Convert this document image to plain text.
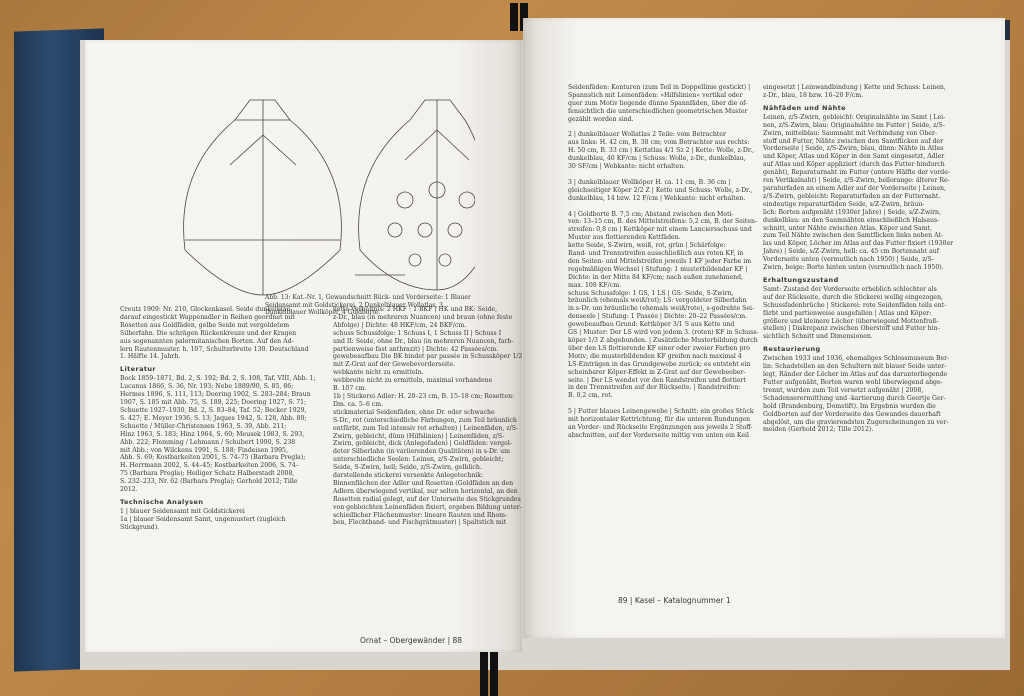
Abb. 13: Kat.-Nr. 1, Gewandschnitt Rück- und Vorderseite: 1 Blauer Seidensamt mit Goldstickerei, 2 Dunkelblauer Wollatlas, 3 Dunkelblauer Wollköper, 4 Goldborte.
Creutz 1909: Nr. 210, Glockenkasel. Seide dunkelblau,
darauf eingestickt Wappenadler in Reihen geordnet mit
Rosetten aus Goldfäden, gelbe Seide mit vergoldetem
Silberfahn. Die schrägen Rückenkreuze und der Kragen
aus sogenannten palermitanischen Borten. Auf den Ad-
lern Rautenmuster. h. 107, Schulterbreite 130. Deutschland
1. Hälfte 14. Jahrh.
Literatur
Bock 1859–1871, Bd. 2, S. 192; Bd. 2, S. 108, Taf. VIII, Abb. 1;
Lucanus 1866, S. 36, Nr. 193; Nebe 1889/90, S. 85, 86;
Hermes 1896, S. 111, 113; Doering 1902, S. 283–284; Braun
1907, S. 185 mit Abb. 75, S. 189, 225; Doering 1927, S. 71;
Schuette 1927–1930, Bd. 2, S. 83–84, Taf. 52; Becker 1929,
S. 427; E. Meyer 1936, S. 13; Jaques 1942, S. 128, Abb. 80;
Schuette / Müller-Christensen 1963, S. 39, Abb. 211;
Hinz 1963, S. 183; Hinz 1964, S. 60; Meusek 1983, S. 293,
Abb. 222; Flemming / Lehmann / Schubert 1990, S. 238
mit Abb.; von Wilckens 1991, S. 188; Findeisen 1995,
Abb. S. 69; Kostbarkeiten 2001, S. 74–75 (Barbara Pregla);
H. Herrmann 2002, S. 44–45; Kostbarkeiten 2006, S. 74–
75 (Barbara Pregla); Heiliger Schatz Halberstadt 2008,
S. 232–233, Nr. 62 (Barbara Pregla); Gerhold 2012; Tille
2012.
Technische Analysen
1 | blauer Seidensamt mit Goldstickerei
1a | blauer Seidensamt Samt, ungemustert (zugleich
Stickgrund).
kette Verhältnis: 2 HKF : 1 BKF | HK und BK: Seide,
z-Dr., blau (in mehreren Nuancen) und braun (ohne feste
Abfolge) | Dichte: 48 HKF/cm, 24 BKF/cm.
schuss Schussfolge: 1 Schuss I, 1 Schuss II | Schuss I
und II: Seide, ohne Dr., blau (in mehreren Nuancen, farb-
partienweise fast anthrazit) | Dichte: 42 Passées/cm.
gewebeaufbau Die BK bindet par passée in Schussköper 1/2
mit Z-Grat auf der Gewebevorderseite.
webkante nicht zu ermitteln.
webbreite nicht zu ermitteln, maximal vorhandene
B. 107 cm.
1b | Stickerei Adler: H. 20–23 cm, B. 15–18 cm; Rosetten:
Dm. ca. 5–6 cm.
stickmaterial Seidenfäden, ohne Dr. oder schwache
S-Dr., rot (unterschiedliche Färbungen, zum Teil bräunlich
entfärbt, zum Teil intensiv rot erhalten) | Leinenfäden, z/S-
Zwirn, gebleicht, dünn (Hilfslinien) | Leinenfäden, z/S-
Zwirn, gebleicht, dick (Anlegefaden) | Goldfäden: vergol-
deter Silberlahn (in variierenden Qualitäten) in s-Dr. um
unterschiedliche Seelen: Leinen, z/S-Zwirn, gebleicht;
Seide, S-Zwirn, hell; Seide, z/S-Zwirn, gelblich.
darstellende stickerei versenkte Anlegetechnik:
Binnenflächen der Adler und Rosetten (Goldfäden an den
Adlern überwiegend vertikal, nur selten horizontal, an den
Rosetten radial gelegt, auf der Unterseite des Stickgrundes
von gebleichten Leinenfäden fixiert, ergeben Bildung unter-
schiedlicher Flächenmuster: lineare Rauten und Rhom-
ben, Flechtband- und Fischgrätmuster) | Spaltstich mit
Ornat – Obergewänder | 88
Seidenfäden: Konturen (zum Teil in Doppellinie gestickt) |
Spannstich mit Leinenfäden: »Hilfslinien« vertikal oder
quer zum Motiv liegende dünne Spannfäden, über die of-
fensichtlich die unterschiedlichen geometrischen Muster
gezählt worden sind.

2 | dunkelblauer Wollatlas 2 Teile: vom Betrachter
aus links: H. 42 cm, B. 38 cm; vom Betrachter aus rechts:
H. 50 cm, B. 33 cm | Kettatlas 4/1 Sz 2 | Kette: Wolle, z-Dr.,
dunkelblau, 40 KF/cm | Schuss: Wolle, z-Dr., dunkelblau,
30 SF/cm | Webkante: nicht erhalten.

3 | dunkelblauer Wollköper H. ca. 11 cm, B. 36 cm |
gleichseitiger Köper 2/2 Z | Kette und Schuss: Wolle, z-Dr.,
dunkelblau, 14 bzw. 12 F/cm | Webkante: nicht erhalten.

4 | Goldborte B. 7,5 cm; Abstand zwischen den Moti-
ven: 13–15 cm, B. des Mittelstreifens: 5,2 cm, B. der Seiten-
streifen: 0,8 cm | Kettköper mit einem Lanciersschuss und
Muster aus flottierenden Kettfäden.
kette Seide, S-Zwirn, weiß, rot, grün | Schärfolge:
Rand- und Trennstreifen ausschließlich aus roten KF, in
den Seiten- und Mittelstreifen jeweils 1 KF jeder Farbe im
regelmäßigen Wechsel | Stufung: 1 musterbildender KF |
Dichte: in der Mitte 84 KF/cm; nach außen zunehmend,
max. 108 KF/cm.
schuss Schussfolge: 1 GS, 1 LS | GS: Seide, S-Zwirn,
bräunlich (ehemals weiß/rot); LS: vergoldeter Silberlahn
in s-Dr. um bräunliche (ehemals weiß/rote), s-gedrehte Sei-
denseele | Stufung: 1 Passée | Dichte: 20–22 Passées/cm.
gewebeaufbau Grund: Kettköper 3/1 S aus Kette und
GS | Muster: Der LS wird von jedem 3. (roten) KF in Schuss-
köper 1/3 Z abgebunden. | Zusätzliche Musterbildung durch
über den LS flottierende KF einer oder zweier Farben pro
Motiv; die musterbildenden KF greifen nach maximal 4
LS-Einträgen in das Grundgewebe zurück; es entsteht ein
scheinbarer Köper-Effekt in Z-Grat auf der Gewebeober-
seite. | Der LS wendet vor den Randstreifen und flottiert
in den Trennstreifen auf der Rückseite. | Randstreifen:
B. 0,2 cm, rot.

5 | Futter blaues Leinengewebe | Schnitt: ein großes Stück
mit horizontaler Kettrichtung, für die unteren Rundungen
an Vorder- und Rückseite Ergänzungen aus jeweils 2 Stoff-
abschnitten, auf der Vorderseite mittig von unten ein Keil
eingesetzt | Leinwandbindung | Kette und Schuss: Leinen,
z-Dr., blau, 18 bzw. 16–20 F/cm.
Nähfäden und Nähte
Leinen, z/S-Zwirn, gebleicht: Originalnähte im Samt | Lei-
nen, z/S-Zwirn, blau: Originalnähte im Futter | Seide, z/S-
Zwirn, mittelblau: Saumnaht mit Verbindung von Ober-
stoff und Futter, Nähte zwischen den Samtflicken auf der
Vorderseite | Seide, z/S-Zwirn, blau, dünn: Nähte in Atlas
und Köper, Atlas und Köper in den Samt eingesetzt, Adler
auf Atlas und Köper appliziert (durch das Futter hindurch
genäht), Reparaturnaht im Futter (untere Hälfte der vorde-
ren Vertikalnaht) | Seide, z/S-Zwirn, hellorange: älterer Re-
paraturfaden an einem Adler auf der Vorderseite | Leinen,
z/S-Zwirn, gebleicht: Reparaturfaden an der Futternaht.
eindeutige reparaturfäden Seide, s/Z-Zwirn, bräun-
lich: Borten aufgenäht (1930er Jahre) | Seide, s/Z-Zwirn,
dunkelblau: an den Saumnähten einschließlich Halsaus-
schnitt, unter Nähte zwischen Atlas, Köper und Samt,
zum Teil Nähte zwischen den Samtflicken links neben At-
las und Köper, Löcher im Atlas auf das Futter fixiert (1930er
Jahre) | Seide, s/Z-Zwirn, hell: ca. 45 cm Bortennaht auf
Vorderseite unten (vermutlich nach 1950) | Seide, z/S-
Zwirn, beige: Borte hinten unten (vermutlich nach 1950).
Erhaltungszustand
Samt: Zustand der Vorderseite erheblich schlechter als
auf der Rückseite, durch die Stickerei wellig eingezogen,
Schussfadenbrüche | Stickerei: rote Seidenfäden teils ent-
färbt und partienweise ausgefallen | Atlas und Köper:
größere und kleinere Löcher (überwiegend Mottenfraß-
stellen) | Diskrepanz zwischen Oberstoff und Futter hin-
sichtlich Schnitt und Dimensionen.
Restaurierung
Zwischen 1933 und 1936, ehemaliges Schlossmuseum Ber-
lin: Schadstellen an den Schultern mit blauer Seide unter-
legt, Ränder der Löcher im Atlas auf das darunterliegende
Futter aufgenäht, Borten waren wohl überwiegend abge-
trennt, wurden zum Teil versetzt aufgenäht | 2008,
Schadenserermittlung und -kartierung durch Geertje Ger-
hold (Brandenburg, Domstift). Im Ergebnis wurden die
Goldborten auf der Vorderseite des Gewandes dauerhaft
abgelöst, um die gravierendsten Zugerscheinungen zu ver-
meiden (Gerhold 2012; Tille 2012).
89 | Kasel – Katalognummer 1
